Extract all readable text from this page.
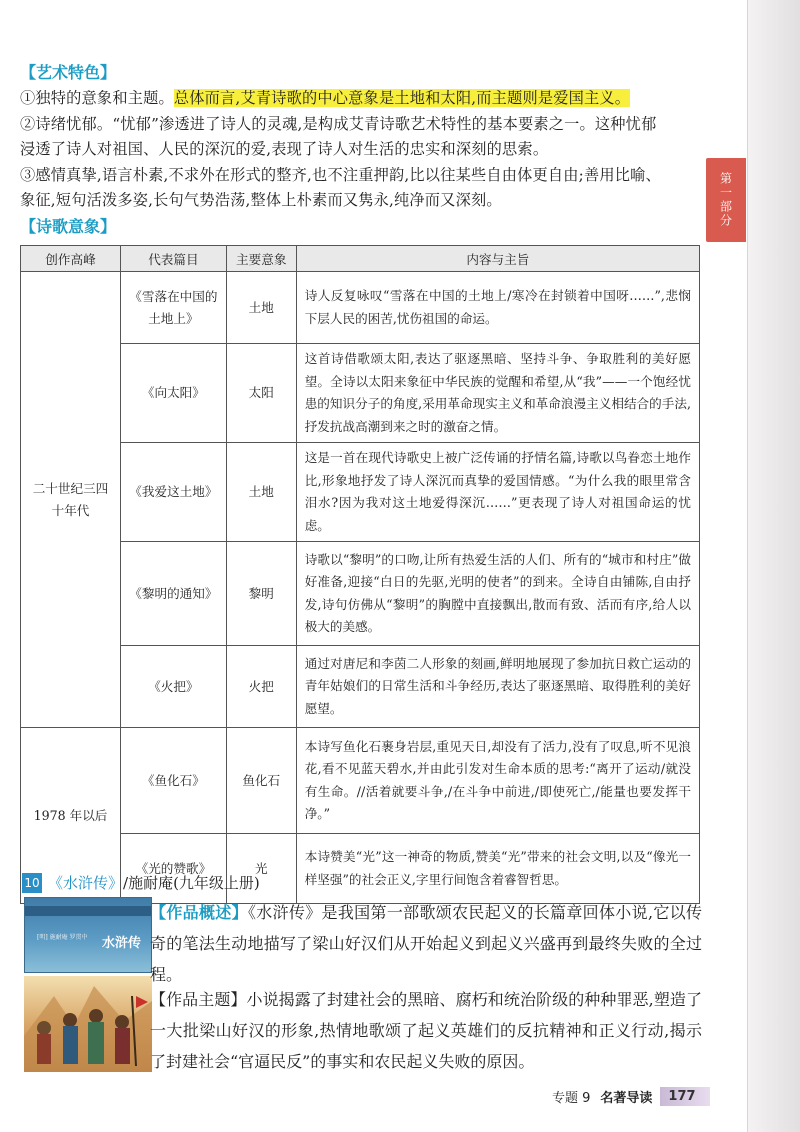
第一部分
【艺术特色】
①独特的意象和主题。总体而言,艾青诗歌的中心意象是土地和太阳,而主题则是爱国主义。
②诗绪忧郁。“忧郁”渗透进了诗人的灵魂,是构成艾青诗歌艺术特性的基本要素之一。这种忧郁
浸透了诗人对祖国、人民的深沉的爱,表现了诗人对生活的忠实和深刻的思索。
③感情真挚,语言朴素,不求外在形式的整齐,也不注重押韵,比以往某些自由体更自由;善用比喻、
象征,短句活泼多姿,长句气势浩荡,整体上朴素而又隽永,纯净而又深刻。
【诗歌意象】
创作高峰	代表篇目	主要意象	内容与主旨
二十世纪三四十年代	《雪落在中国的土地上》	土地	诗人反复咏叹“雪落在中国的土地上/寒冷在封锁着中国呀……”,悲悯下层人民的困苦,忧伤祖国的命运。
	《向太阳》	太阳	这首诗借歌颂太阳,表达了驱逐黑暗、坚持斗争、争取胜利的美好愿望。全诗以太阳来象征中华民族的觉醒和希望,从“我”——一个饱经忧患的知识分子的角度,采用革命现实主义和革命浪漫主义相结合的手法,抒发抗战高潮到来之时的激奋之情。
	《我爱这土地》	土地	这是一首在现代诗歌史上被广泛传诵的抒情名篇,诗歌以鸟眷恋土地作比,形象地抒发了诗人深沉而真挚的爱国情感。“为什么我的眼里常含泪水?因为我对这土地爱得深沉……”更表现了诗人对祖国命运的忧虑。
	《黎明的通知》	黎明	诗歌以“黎明”的口吻,让所有热爱生活的人们、所有的“城市和村庄”做好准备,迎接“白日的先驱,光明的使者”的到来。全诗自由铺陈,自由抒发,诗句仿佛从“黎明”的胸膛中直接飘出,散而有致、活而有序,给人以极大的美感。
	《火把》	火把	通过对唐尼和李茵二人形象的刻画,鲜明地展现了参加抗日救亡运动的青年姑娘们的日常生活和斗争经历,表达了驱逐黑暗、取得胜利的美好愿望。
1978 年以后	《鱼化石》	鱼化石	本诗写鱼化石裹身岩层,重见天日,却没有了活力,没有了叹息,听不见浪花,看不见蓝天碧水,并由此引发对生命本质的思考:“离开了运动/就没有生命。//活着就要斗争,/在斗争中前进,/即使死亡,/能量也要发挥干净。”
	《光的赞歌》	光	本诗赞美“光”这一神奇的物质,赞美“光”带来的社会文明,以及“像光一样坚强”的社会正义,字里行间饱含着睿智哲思。
10 《水浒传》 /施耐庵(九年级上册)
[明] 施耐庵 罗贯中 水浒传
【作品概述】《水浒传》是我国第一部歌颂农民起义的长篇章回体小说,它以传奇的笔法生动地描写了梁山好汉们从开始起义到起义兴盛再到最终失败的全过程。
【作品主题】小说揭露了封建社会的黑暗、腐朽和统治阶级的种种罪恶,塑造了一大批梁山好汉的形象,热情地歌颂了起义英雄们的反抗精神和正义行动,揭示了封建社会“官逼民反”的事实和农民起义失败的原因。
专题 9 名著导读	177
